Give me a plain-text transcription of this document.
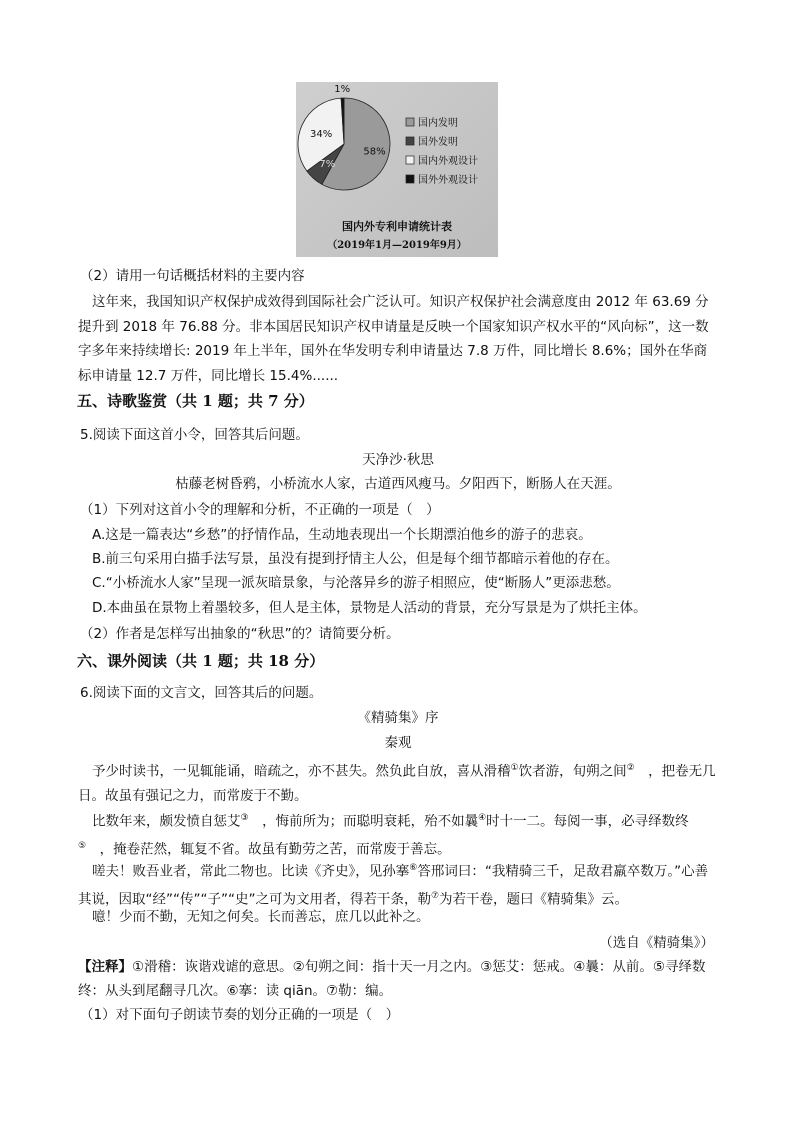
58%
7%
34%
1%
国内发明
国外发明
国内外观设计
国外外观设计
国内外专利申请统计表
（2019年1月—2019年9月）
（2）请用一句话概括材料的主要内容
这年来，我国知识产权保护成效得到国际社会广泛认可。知识产权保护社会满意度由 2012 年 63.69 分提升到 2018 年 76.88 分。非本国居民知识产权申请量是反映一个国家知识产权水平的“风向标”，这一数字多年来持续增长: 2019 年上半年，国外在华发明专利申请量达 7.8 万件，同比增长 8.6%；国外在华商标申请量 12.7 万件，同比增长 15.4%......
五、诗歌鉴赏（共 1 题；共 7 分）
5.阅读下面这首小令，回答其后问题。
天净沙·秋思
枯藤老树昏鸦，小桥流水人家，古道西风瘦马。夕阳西下，断肠人在天涯。
（1）下列对这首小令的理解和分析，不正确的一项是（　）
A.这是一篇表达“乡愁”的抒情作品，生动地表现出一个长期漂泊他乡的游子的悲哀。
B.前三句采用白描手法写景，虽没有提到抒情主人公，但是每个细节都暗示着他的存在。
C.“小桥流水人家”呈现一派灰暗景象，与沦落异乡的游子相照应，使“断肠人”更添悲愁。
D.本曲虽在景物上着墨较多，但人是主体，景物是人活动的背景，充分写景是为了烘托主体。
（2）作者是怎样写出抽象的“秋思”的？请简要分析。
六、课外阅读（共 1 题；共 18 分）
6.阅读下面的文言文，回答其后的问题。
《精骑集》序
秦观
予少时读书，一见辄能诵，暗疏之，亦不甚失。然负此自放，喜从滑稽①饮者游，旬朔之间②　，把卷无几日。故虽有强记之力，而常废于不勤。
比数年来，颇发愤自惩艾③　，悔前所为；而聪明衰耗，殆不如曩④时十一二。每阅一事，必寻绎数终⑤　，掩卷茫然，辄复不省。故虽有勤劳之苦，而常废于善忘。
嗟夫！败吾业者，常此二物也。比读《齐史》，见孙搴⑥答邢词曰：“我精骑三千，足敌君羸卒数万。”心善其说，因取“经”“传”“子”“史”之可为文用者，得若干条，勒⑦为若干卷，题曰《精骑集》云。
噫！少而不勤，无知之何矣。长而善忘，庶几以此补之。
（选自《精骑集》）
【注释】①滑稽：诙谐戏谑的意思。②旬朔之间：指十天一月之内。③惩艾：惩戒。④曩：从前。⑤寻绎数终：从头到尾翻寻几次。⑥搴：读 qiān。⑦勒：编。
（1）对下面句子朗读节奏的划分正确的一项是（　）
